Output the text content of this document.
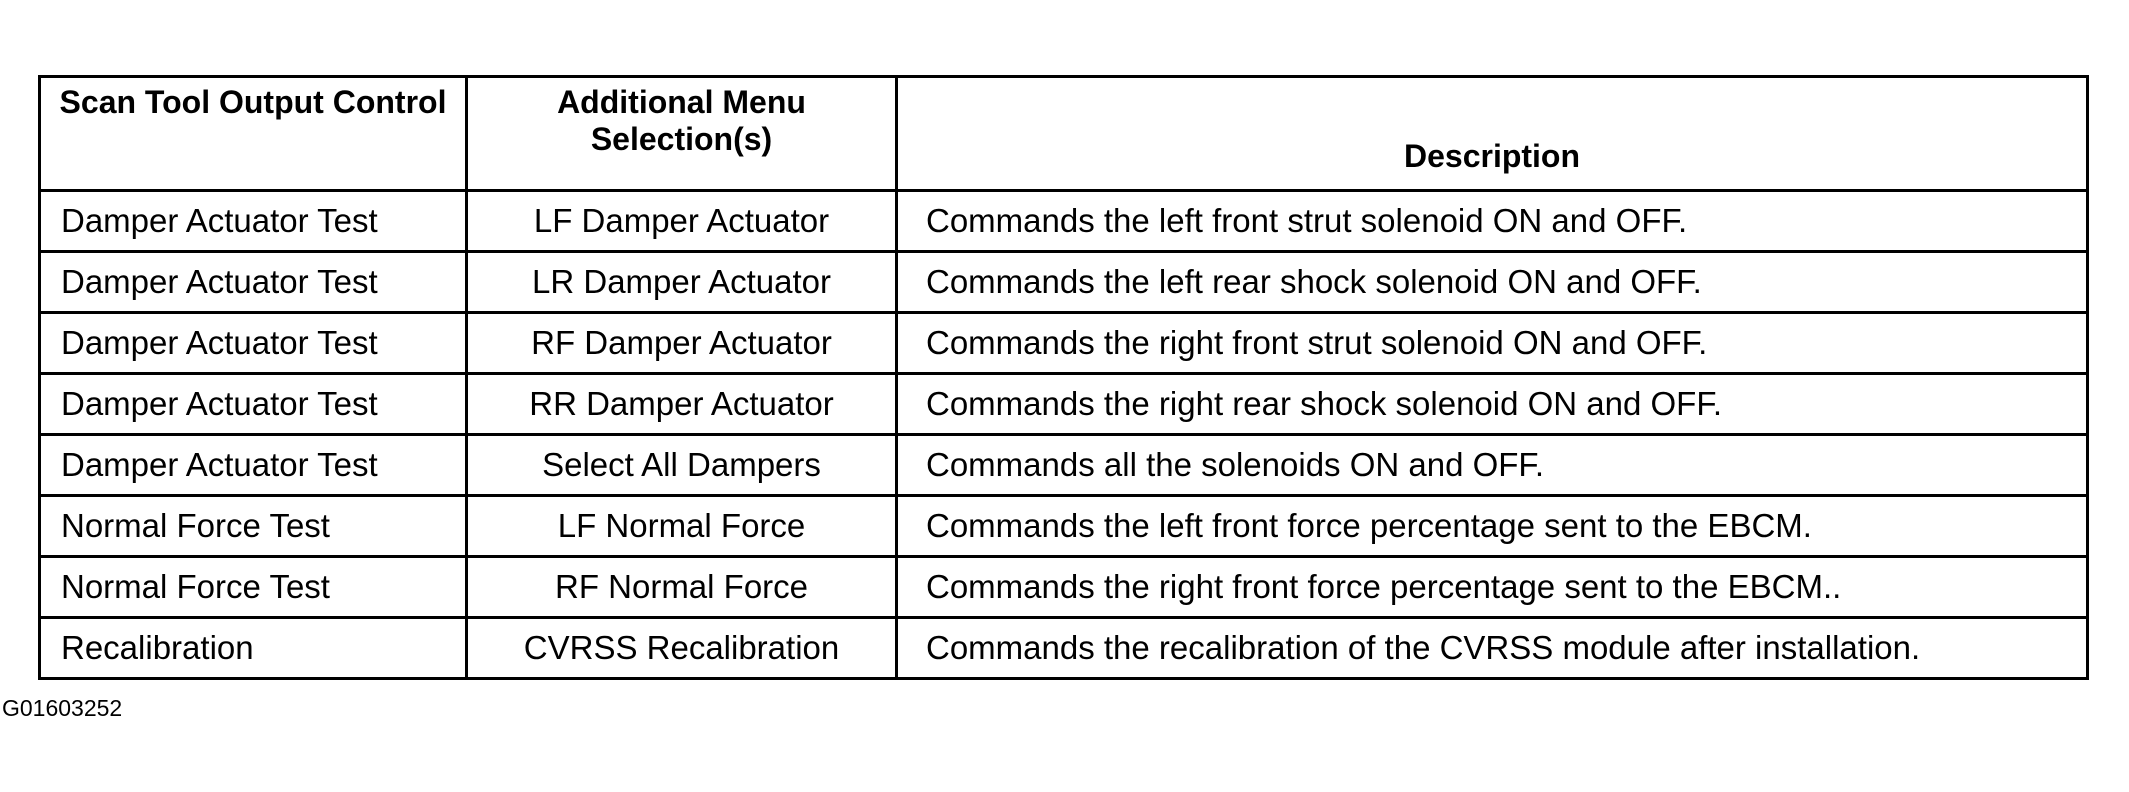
Scan Tool Output Control	Additional Menu Selection(s)	Description
Damper Actuator Test	LF Damper Actuator	Commands the left front strut solenoid ON and OFF.
Damper Actuator Test	LR Damper Actuator	Commands the left rear shock solenoid ON and OFF.
Damper Actuator Test	RF Damper Actuator	Commands the right front strut solenoid ON and OFF.
Damper Actuator Test	RR Damper Actuator	Commands the right rear shock solenoid ON and OFF.
Damper Actuator Test	Select All Dampers	Commands all the solenoids ON and OFF.
Normal Force Test	LF Normal Force	Commands the left front force percentage sent to the EBCM.
Normal Force Test	RF Normal Force	Commands the right front force percentage sent to the EBCM..
Recalibration	CVRSS Recalibration	Commands the recalibration of the CVRSS module after installation.
G01603252
